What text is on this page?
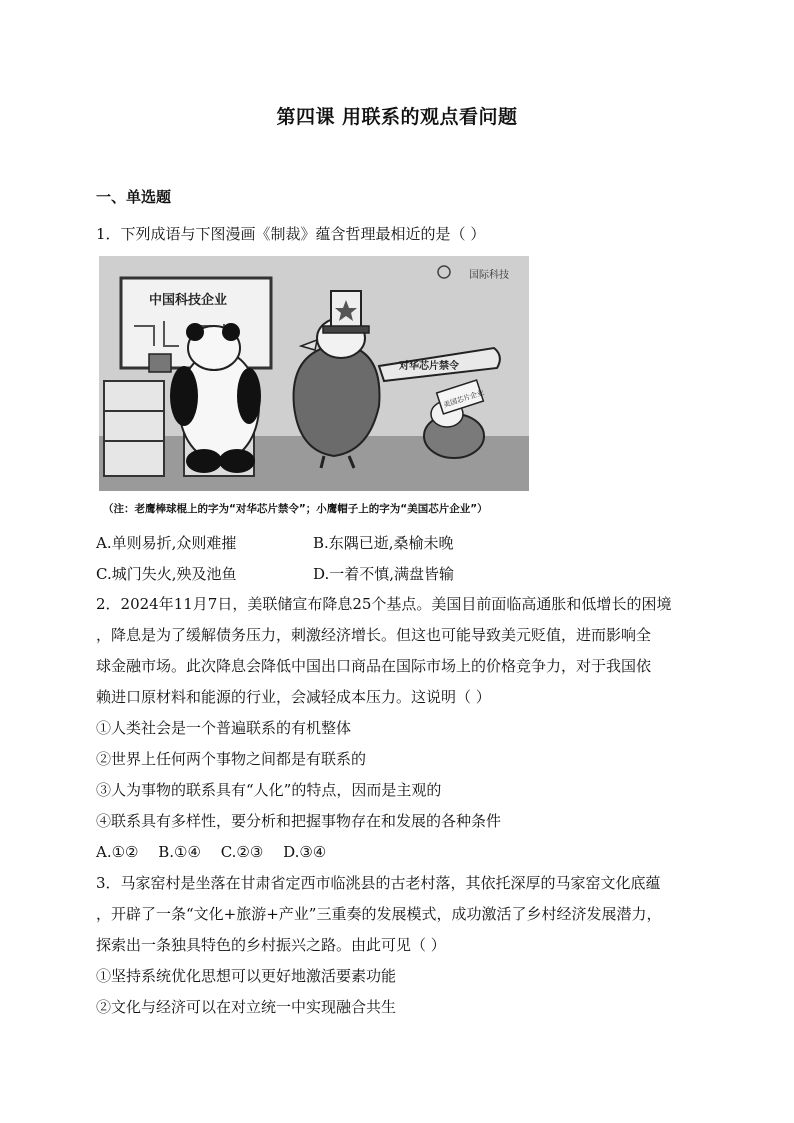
第四课 用联系的观点看问题
一、单选题
1．下列成语与下图漫画《制裁》蕴含哲理最相近的是（ ）
中国科技企业
对华芯片禁令
美国芯片企业
国际科技
（注：老鹰棒球棍上的字为“对华芯片禁令”；小鹰帽子上的字为“美国芯片企业”）
A.单则易折,众则难摧	B.东隅已逝,桑榆未晚
C.城门失火,殃及池鱼	D.一着不慎,满盘皆输
2．2024年11月7日，美联储宣布降息25个基点。美国目前面临高通胀和低增长的困境
，降息是为了缓解债务压力，刺激经济增长。但这也可能导致美元贬值，进而影响全
球金融市场。此次降息会降低中国出口商品在国际市场上的价格竞争力，对于我国依
赖进口原材料和能源的行业，会减轻成本压力。这说明（ ）
①人类社会是一个普遍联系的有机整体
②世界上任何两个事物之间都是有联系的
③人为事物的联系具有“人化”的特点，因而是主观的
④联系具有多样性，要分析和把握事物存在和发展的各种条件
A.①②　 B.①④　 C.②③　 D.③④
3．马家窑村是坐落在甘肃省定西市临洮县的古老村落，其依托深厚的马家窑文化底蕴
，开辟了一条“文化+旅游+产业”三重奏的发展模式，成功激活了乡村经济发展潜力，
探索出一条独具特色的乡村振兴之路。由此可见（ ）
①坚持系统优化思想可以更好地激活要素功能
②文化与经济可以在对立统一中实现融合共生
